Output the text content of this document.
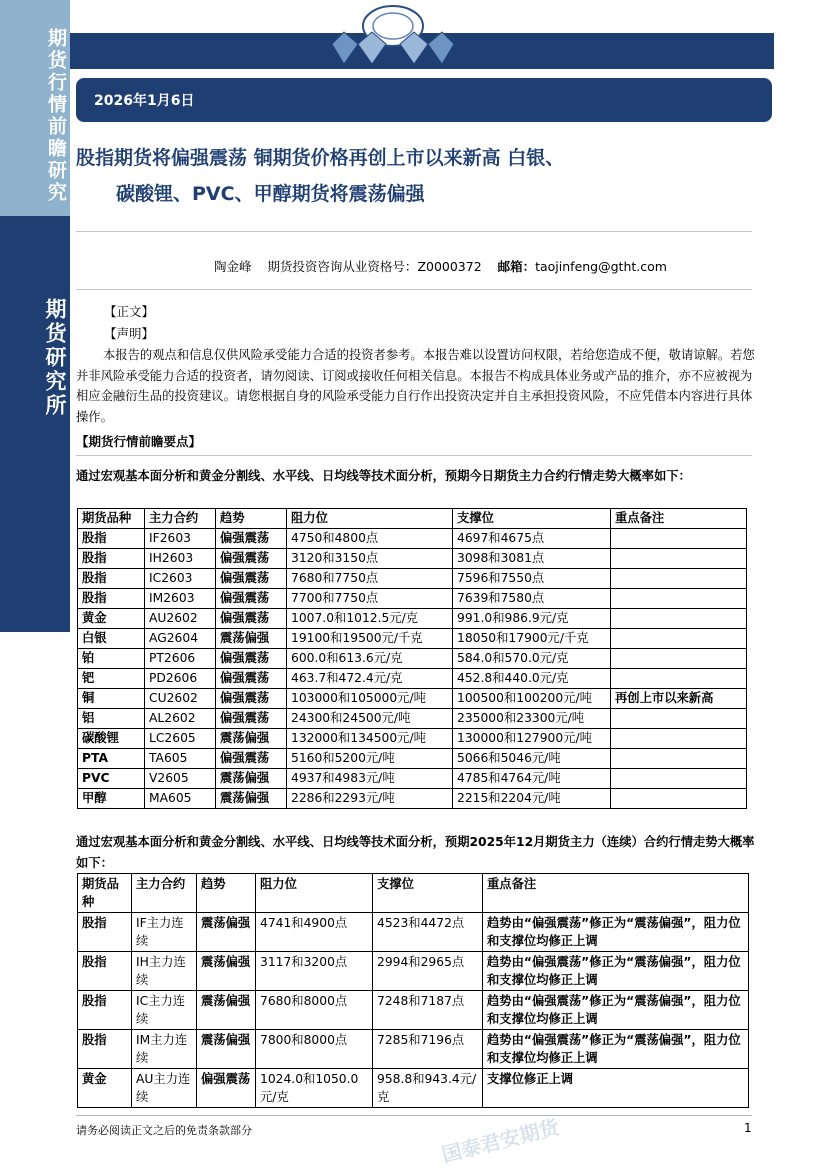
期货行情前瞻研究
期货研究所
2026年1月6日
股指期货将偏强震荡 铜期货价格再创上市以来新高 白银、
碳酸锂、PVC、甲醇期货将震荡偏强
陶金峰 期货投资咨询从业资格号：Z0000372 邮箱：taojinfeng@gtht.com
【正文】
【声明】
本报告的观点和信息仅供风险承受能力合适的投资者参考。本报告难以设置访问权限，若给您造成不便，敬请谅解。若您并非风险承受能力合适的投资者，请勿阅读、订阅或接收任何相关信息。本报告不构成具体业务或产品的推介，亦不应被视为相应金融衍生品的投资建议。请您根据自身的风险承受能力自行作出投资决定并自主承担投资风险，不应凭借本内容进行具体操作。
【期货行情前瞻要点】
通过宏观基本面分析和黄金分割线、水平线、日均线等技术面分析，预期今日期货主力合约行情走势大概率如下：
期货品种	主力合约	趋势	阻力位	支撑位	重点备注
股指	IF2603	偏强震荡	4750和4800点	4697和4675点	
股指	IH2603	偏强震荡	3120和3150点	3098和3081点	
股指	IC2603	偏强震荡	7680和7750点	7596和7550点	
股指	IM2603	偏强震荡	7700和7750点	7639和7580点	
黄金	AU2602	偏强震荡	1007.0和1012.5元/克	991.0和986.9元/克	
白银	AG2604	震荡偏强	19100和19500元/千克	18050和17900元/千克	
铂	PT2606	偏强震荡	600.0和613.6元/克	584.0和570.0元/克	
钯	PD2606	偏强震荡	463.7和472.4元/克	452.8和440.0元/克	
铜	CU2602	偏强震荡	103000和105000元/吨	100500和100200元/吨	再创上市以来新高
铝	AL2602	偏强震荡	24300和24500元/吨	235000和23300元/吨	
碳酸锂	LC2605	震荡偏强	132000和134500元/吨	130000和127900元/吨	
PTA	TA605	偏强震荡	5160和5200元/吨	5066和5046元/吨	
PVC	V2605	震荡偏强	4937和4983元/吨	4785和4764元/吨	
甲醇	MA605	震荡偏强	2286和2293元/吨	2215和2204元/吨	
通过宏观基本面分析和黄金分割线、水平线、日均线等技术面分析，预期2025年12月期货主力（连续）合约行情走势大概率如下：
期货品种	主力合约	趋势	阻力位	支撑位	重点备注
股指	IF主力连续	震荡偏强	4741和4900点	4523和4472点	趋势由“偏强震荡”修正为“震荡偏强”，阻力位和支撑位均修正上调
股指	IH主力连续	震荡偏强	3117和3200点	2994和2965点	趋势由“偏强震荡”修正为“震荡偏强”，阻力位和支撑位均修正上调
股指	IC主力连续	震荡偏强	7680和8000点	7248和7187点	趋势由“偏强震荡”修正为“震荡偏强”，阻力位和支撑位均修正上调
股指	IM主力连续	震荡偏强	7800和8000点	7285和7196点	趋势由“偏强震荡”修正为“震荡偏强”，阻力位和支撑位均修正上调
黄金	AU主力连续	偏强震荡	1024.0和1050.0元/克	958.8和943.4元/克	支撑位修正上调
国泰君安期货
请务必阅读正文之后的免责条款部分	1
